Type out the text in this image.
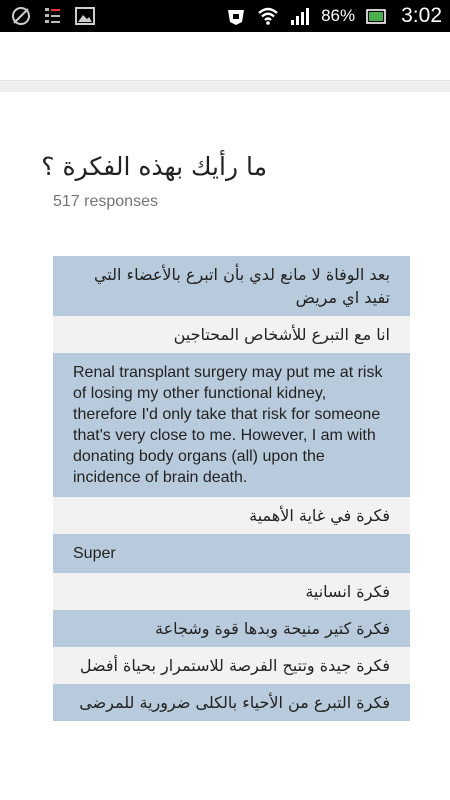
86% 3:02
ما رأيك بهذه الفكرة ؟
517 responses
بعد الوفاة لا مانع لدي بأن اتبرع بالأعضاء التي تفيد اي مريض
انا مع التبرع للأشخاص المحتاجين
Renal transplant surgery may put me at risk of losing my other functional kidney, therefore I'd only take that risk for someone that's very close to me. However, I am with donating body organs (all) upon the incidence of brain death.
فكرة في غاية الأهمية
Super
فكرة انسانية
فكرة كتير منيحة وبدها قوة وشجاعة
فكرة جيدة وتتيح الفرصة للاستمرار بحياة أفضل
فكرة التبرع من الأحياء بالكلى ضرورية للمرضى
